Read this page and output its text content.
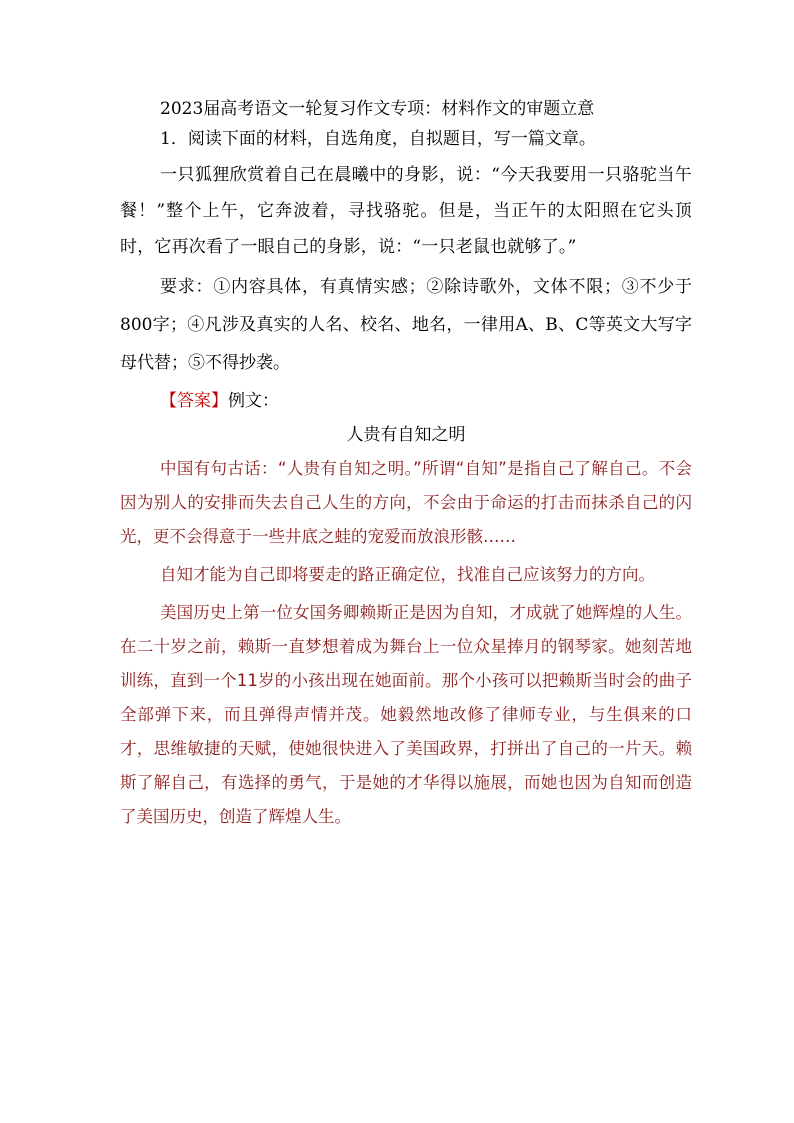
2023届高考语文一轮复习作文专项：材料作文的审题立意

1．阅读下面的材料，自选角度，自拟题目，写一篇文章。

一只狐狸欣赏着自己在晨曦中的身影，说：“今天我要用一只骆驼当午餐！”整个上午，它奔波着，寻找骆驼。但是，当正午的太阳照在它头顶时，它再次看了一眼自己的身影，说：“一只老鼠也就够了。”

要求：①内容具体，有真情实感；②除诗歌外，文体不限；③不少于800字；④凡涉及真实的人名、校名、地名，一律用A、B、C等英文大写字母代替；⑤不得抄袭。

【答案】例文：

人贵有自知之明

中国有句古话：“人贵有自知之明。”所谓“自知”是指自己了解自己。不会因为别人的安排而失去自己人生的方向，不会由于命运的打击而抹杀自己的闪光，更不会得意于一些井底之蛙的宠爱而放浪形骸……

自知才能为自己即将要走的路正确定位，找准自己应该努力的方向。

美国历史上第一位女国务卿赖斯正是因为自知，才成就了她辉煌的人生。在二十岁之前，赖斯一直梦想着成为舞台上一位众星捧月的钢琴家。她刻苦地训练，直到一个11岁的小孩出现在她面前。那个小孩可以把赖斯当时会的曲子全部弹下来，而且弹得声情并茂。她毅然地改修了律师专业，与生俱来的口才，思维敏捷的天赋，使她很快进入了美国政界，打拼出了自己的一片天。赖斯了解自己，有选择的勇气，于是她的才华得以施展，而她也因为自知而创造了美国历史，创造了辉煌人生。
